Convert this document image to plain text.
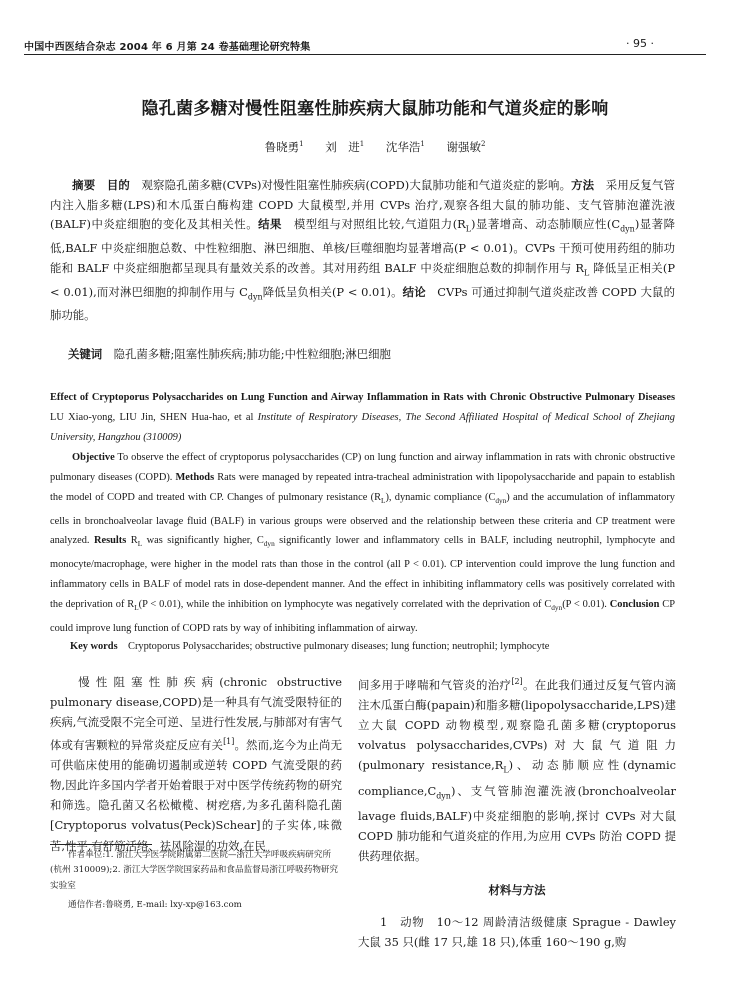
中国中西医结合杂志 2004 年 6 月第 24 卷基础理论研究特集	· 95 ·
隐孔菌多糖对慢性阻塞性肺疾病大鼠肺功能和气道炎症的影响
鲁晓勇$^1$ 刘　进$^1$ 沈华浩$^1$ 谢强敏$^2$
摘要　 目的　 观察隐孔菌多糖(CVPs)对慢性阻塞性肺疾病(COPD)大鼠肺功能和气道炎症的影响。方法　 采用反复气管内注入脂多糖(LPS)和木瓜蛋白酶构建 COPD 大鼠模型,并用 CVPs 治疗,观察各组大鼠的肺功能、支气管肺泡灌洗液(BALF)中炎症细胞的变化及其相关性。结果　 模型组与对照组比较,气道阻力$(R_L)$显著增高、动态肺顺应性$(C_{dyn})$显著降低,BALF 中炎症细胞总数、中性粒细胞、淋巴细胞、单核/巨噬细胞均显著增高(P < 0.01)。CVPs 干预可使用药组的肺功能和 BALF 中炎症细胞都呈现具有量效关系的改善。其对用药组 BALF 中炎症细胞总数的抑制作用与 $R_L$ 降低呈正相关(P < 0.01),而对淋巴细胞的抑制作用与 $C_{dyn}$降低呈负相关(P < 0.01)。结论　 CVPs 可通过抑制气道炎症改善 COPD 大鼠的肺功能。
关键词　 隐孔菌多糖;阻塞性肺疾病;肺功能;中性粒细胞;淋巴细胞
Effect of Cryptoporus Polysaccharides on Lung Function and Airway Inflammation in Rats with Chronic Obstructive Pulmonary Diseases LU Xiao-yong, LIU Jin, SHEN Hua-hao, et al Institute of Respiratory Diseases, The Second Affiliated Hospital of Medical School of Zhejiang University, Hangzhou (310009)
Objective To observe the effect of cryptoporus polysaccharides (CP) on lung function and airway inflammation in rats with chronic obstructive pulmonary diseases (COPD). Methods Rats were managed by repeated intra-tracheal administration with lipopolysaccharide and papain to establish the model of COPD and treated with CP. Changes of pulmonary resistance $(R_L)$, dynamic compliance $(C_{dyn})$ and the accumulation of inflammatory cells in bronchoalveolar lavage fluid (BALF) in various groups were observed and the relationship between these criteria and CP treatment were analyzed. Results $R_L$ was significantly higher, $C_{dyn}$ significantly lower and inflammatory cells in BALF, including neutrophil, lymphocyte and monocyte/macrophage, were higher in the model rats than those in the control (all P < 0.01). CP intervention could improve the lung function and inflammatory cells in BALF of model rats in dose-dependent manner. And the effect in inhibiting inflammatory cells was positively correlated with the deprivation of $R_L(P < 0.01)$, while the inhibition on lymphocyte was negatively correlated with the deprivation of $C_{dyn}(P < 0.01)$. Conclusion CP could improve lung function of COPD rats by way of inhibiting inflammation of airway.
Key words　 Cryptoporus Polysaccharides; obstructive pulmonary diseases; lung function; neutrophil; lymphocyte
慢性阻塞性肺疾病(chronic obstructive pulmonary disease,COPD)是一种具有气流受限特征的疾病,气流受限不完全可逆、呈进行性发展,与肺部对有害气体或有害颗粒的异常炎症反应有关[1]。然而,迄今为止尚无可供临床使用的能确切遏制或逆转 COPD 气流受限的药物,因此许多国内学者开始着眼于对中医学传统药物的研究和筛选。隐孔菌又名松橄榄、树疙瘩,为多孔菌科隐孔菌[Cryptoporus volvatus(Peck)Schear]的子实体,味微苦,性平,有舒筋活络、祛风除湿的功效,在民
间多用于哮喘和气管炎的治疗[2]。在此我们通过反复气管内滴注木瓜蛋白酶(papain)和脂多糖(lipopolysaccharide,LPS)建立大鼠 COPD 动物模型,观察隐孔菌多糖(cryptoporus volvatus polysaccharides,CVPs)对大鼠气道阻力(pulmonary $resistance,R_L$)、动态肺顺应性(dynamic $compliance,C_{dyn}$)、支气管肺泡灌洗液(bronchoalveolar lavage fluids,BALF)中炎症细胞的影响,探讨 CVPs 对大鼠 COPD 肺功能和气道炎症的作用,为应用 CVPs 防治 COPD 提供药理依据。
材料与方法
1　动物　10～12 周龄清洁级健康 Sprague - Dawley 大鼠 35 只(雌 17 只,雄 18 只),体重 160～190 g,购
作者单位:1. 浙江大学医学院附属第二医院—浙江大学呼吸疾病研究所(杭州 310009);2. 浙江大学医学院国家药品和食品监督局浙江呼吸药物研究实验室
通信作者:鲁晓勇, E-mail: lxy-xp@163.com
